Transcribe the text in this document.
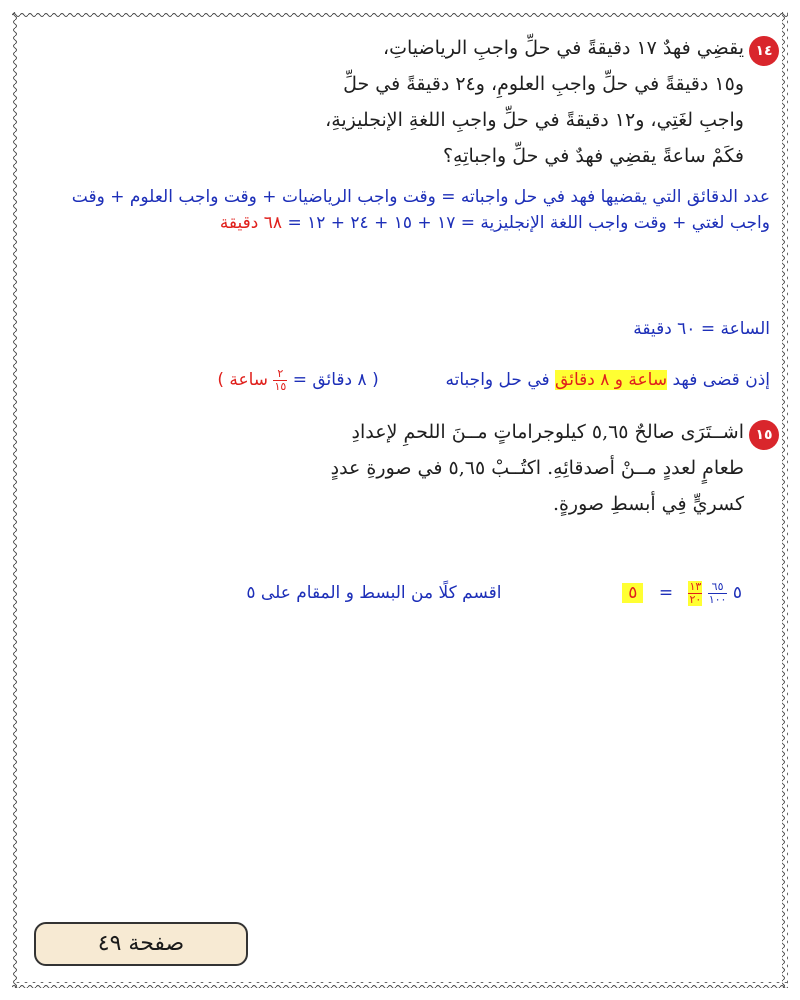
١٤
يقضِي فهدٌ ١٧ دقيقةً في حلِّ واجبِ الرياضياتِ،
و١٥ دقيقةً في حلِّ واجبِ العلومِ، و٢٤ دقيقةً في حلِّ
واجبِ لغَتِي، و١٢ دقيقةً في حلِّ واجبِ اللغةِ الإنجليزيةِ،
فكَمْ ساعةً يقضِي فهدٌ في حلِّ واجباتِهِ؟
عدد الدقائق التي يقضيها فهد في حل واجباته = وقت واجب الرياضيات + وقت واجب العلوم + وقت واجب لغتي + وقت واجب اللغة الإنجليزية = ١٧ + ١٥ + ٢٤ + ١٢ = ٦٨ دقيقة
الساعة = ٦٠ دقيقة
إذن قضى فهد ساعة و ٨ دقائق في حل واجباته  ( ٨ دقائق =
$\frac{٢}{١٥}$
ساعة )
١٥
اشــتَرَى صالحٌ ٥,٦٥ كيلوجراماتٍ مــنَ اللحمِ لإعدادِ
طعامٍ لعددٍ مــنْ أصدقائِهِ. اكتُــبْ ٥,٦٥ في صورةِ عددٍ
كسريٍّ فِي أبسطِ صورةٍ.
٥
$\frac{٦٥}{١٠٠}$

$\frac{١٣}{٢٠}$
= ٥  اقسم كلًا من البسط و المقام على ٥
صفحة ٤٩
